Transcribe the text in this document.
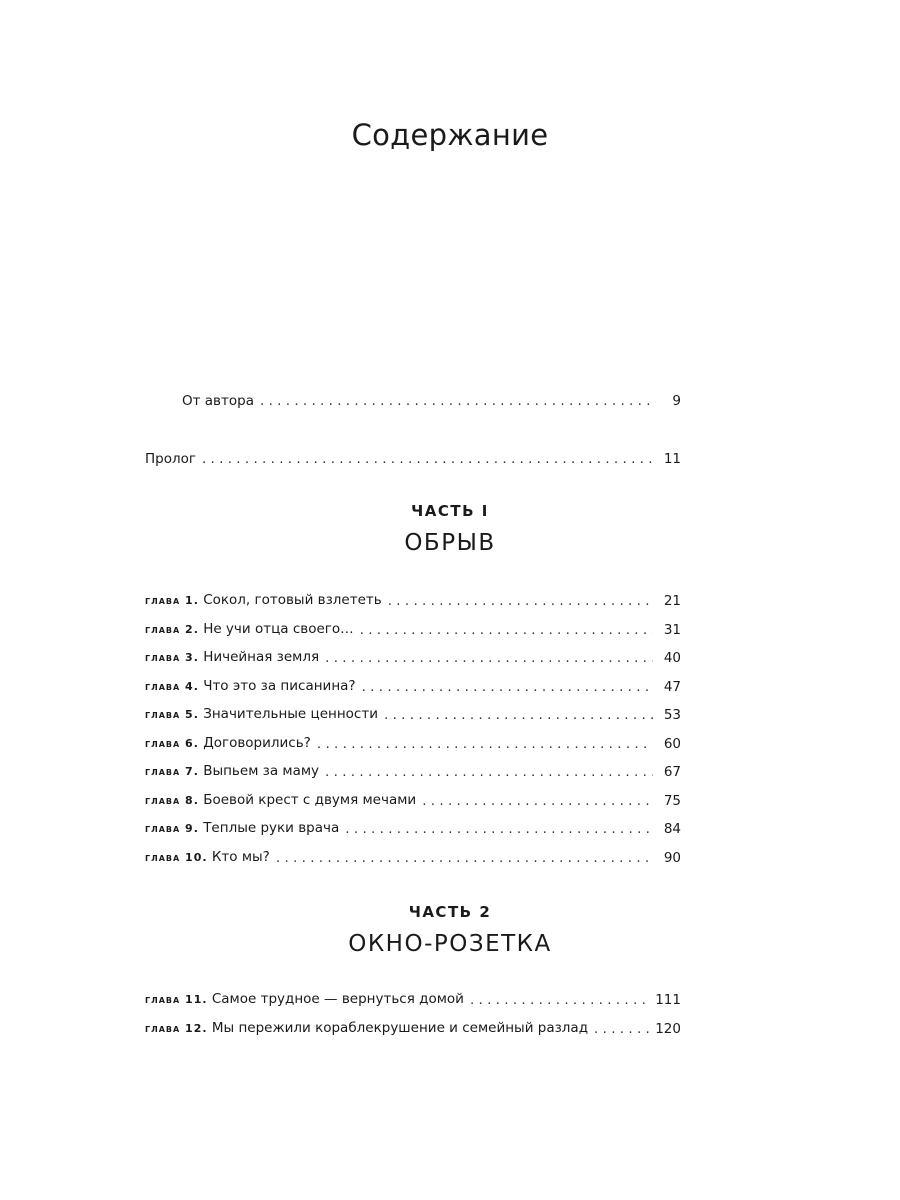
Содержание
От автора . . .	9
Пролог . . .	11
ЧАСТЬ I
ОБРЫВ
глава 1. Сокол, готовый взлететь . . .	21
глава 2. Не учи отца своего… . . .	31
глава 3. Ничейная земля . . .	40
глава 4. Что это за писанина? . . .	47
глава 5. Значительные ценности . . .	53
глава 6. Договорились? . . .	60
глава 7. Выпьем за маму . . .	67
глава 8. Боевой крест с двумя мечами . . .	75
глава 9. Теплые руки врача . . .	84
глава 10. Кто мы? . . .	90
ЧАСТЬ 2
ОКНО-РОЗЕТКА
глава 11. Самое трудное — вернуться домой . . .	111
глава 12. Мы пережили кораблекрушение и семейный разлад . . .	120
